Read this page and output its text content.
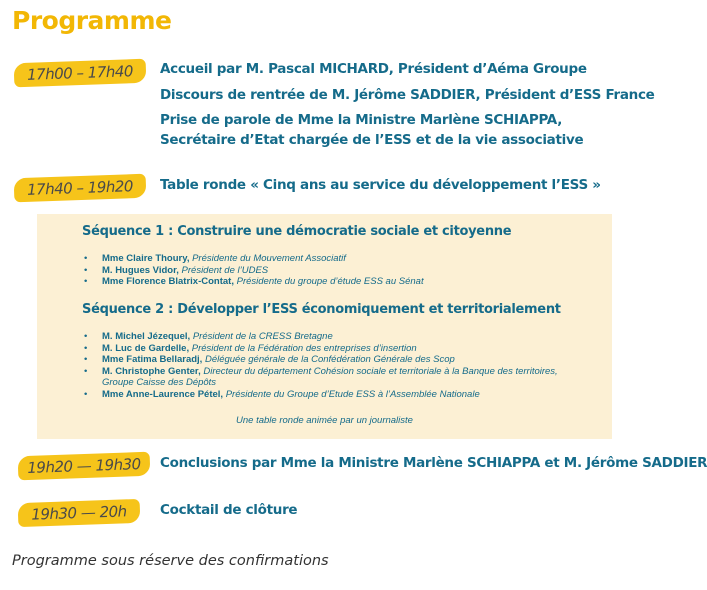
Programme
17h00 – 17h40	Accueil par M. Pascal MICHARD, Président d’Aéma Groupe
Discours de rentrée de M. Jérôme SADDIER, Président d’ESS France
Prise de parole de Mme la Ministre Marlène SCHIAPPA,
Secrétaire d’Etat chargée de l’ESS et de la vie associative
17h40 – 19h20	Table ronde « Cinq ans au service du développement l’ESS »
Séquence 1 : Construire une démocratie sociale et citoyenne
• Mme Claire Thoury, Présidente du Mouvement Associatif
• M. Hugues Vidor, Président de l’UDES
• Mme Florence Blatrix-Contat, Présidente du groupe d’étude ESS au Sénat
Séquence 2 : Développer l’ESS économiquement et territorialement
• M. Michel Jézequel, Président de la CRESS Bretagne
• M. Luc de Gardelle, Président de la Fédération des entreprises d’insertion
• Mme Fatima Bellaradj, Déléguée générale de la Confédération Générale des Scop
• M. Christophe Genter, Directeur du département Cohésion sociale et territoriale à la Banque des territoires, Groupe Caisse des Dépôts
• Mme Anne-Laurence Pétel, Présidente du Groupe d’Etude ESS à l’Assemblée Nationale
Une table ronde animée par un journaliste
19h20 — 19h30	Conclusions par Mme la Ministre Marlène SCHIAPPA et M. Jérôme SADDIER
19h30 — 20h	Cocktail de clôture
Programme sous réserve des confirmations
